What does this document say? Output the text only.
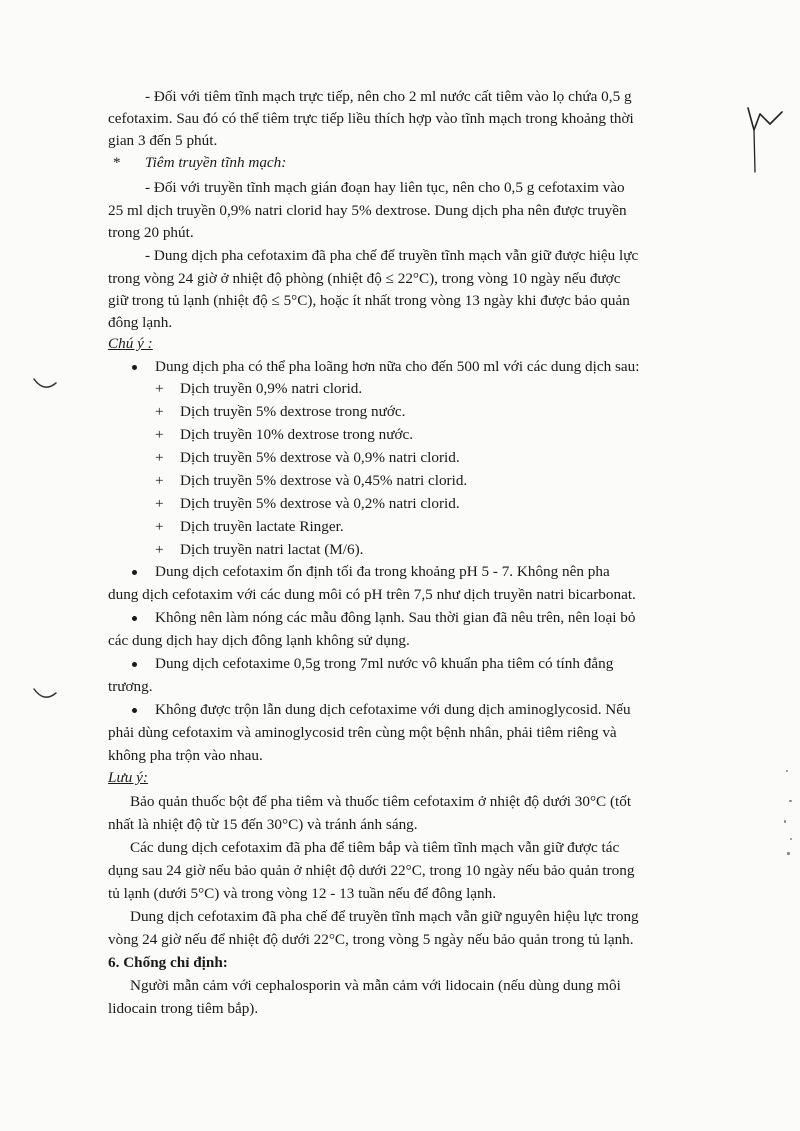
- Đối với tiêm tĩnh mạch trực tiếp, nên cho 2 ml nước cất tiêm vào lọ chứa 0,5 g
cefotaxim. Sau đó có thể tiêm trực tiếp liều thích hợp vào tĩnh mạch trong khoảng thời
gian 3 đến 5 phút.
* Tiêm truyền tĩnh mạch:
- Đối với truyền tĩnh mạch gián đoạn hay liên tục, nên cho 0,5 g cefotaxim vào
25 ml dịch truyền 0,9% natri clorid hay 5% dextrose. Dung dịch pha nên được truyền
trong 20 phút.
- Dung dịch pha cefotaxim đã pha chế để truyền tĩnh mạch vẫn giữ được hiệu lực
trong vòng 24 giờ ở nhiệt độ phòng (nhiệt độ ≤ 22°C), trong vòng 10 ngày nếu được
giữ trong tủ lạnh (nhiệt độ ≤ 5°C), hoặc ít nhất trong vòng 13 ngày khi được bảo quản
đông lạnh.
Chú ý :
Dung dịch pha có thể pha loãng hơn nữa cho đến 500 ml với các dung dịch sau:
+ Dịch truyền 0,9% natri clorid.
+ Dịch truyền 5% dextrose trong nước.
+ Dịch truyền 10% dextrose trong nước.
+ Dịch truyền 5% dextrose và 0,9% natri clorid.
+ Dịch truyền 5% dextrose và 0,45% natri clorid.
+ Dịch truyền 5% dextrose và 0,2% natri clorid.
+ Dịch truyền lactate Ringer.
+ Dịch truyền natri lactat (M/6).
Dung dịch cefotaxim ổn định tối đa trong khoảng pH 5 - 7. Không nên pha
dung dịch cefotaxim với các dung môi có pH trên 7,5 như dịch truyền natri bicarbonat.
Không nên làm nóng các mẫu đông lạnh. Sau thời gian đã nêu trên, nên loại bỏ
các dung dịch hay dịch đông lạnh không sử dụng.
Dung dịch cefotaxime 0,5g trong 7ml nước vô khuẩn pha tiêm có tính đẳng
trương.
Không được trộn lẫn dung dịch cefotaxime với dung dịch aminoglycosid. Nếu
phải dùng cefotaxim và aminoglycosid trên cùng một bệnh nhân, phải tiêm riêng và
không pha trộn vào nhau.
Lưu ý:
Bảo quản thuốc bột để pha tiêm và thuốc tiêm cefotaxim ở nhiệt độ dưới 30°C (tốt
nhất là nhiệt độ từ 15 đến 30°C) và tránh ánh sáng.
Các dung dịch cefotaxim đã pha để tiêm bắp và tiêm tĩnh mạch vẫn giữ được tác
dụng sau 24 giờ nếu bảo quản ở nhiệt độ dưới 22°C, trong 10 ngày nếu bảo quản trong
tủ lạnh (dưới 5°C) và trong vòng 12 - 13 tuần nếu để đông lạnh.
Dung dịch cefotaxim đã pha chế để truyền tĩnh mạch vẫn giữ nguyên hiệu lực trong
vòng 24 giờ nếu để nhiệt độ dưới 22°C, trong vòng 5 ngày nếu bảo quản trong tủ lạnh.
6. Chống chỉ định:
Người mẫn cảm với cephalosporin và mẫn cảm với lidocain (nếu dùng dung môi
lidocain trong tiêm bắp).
